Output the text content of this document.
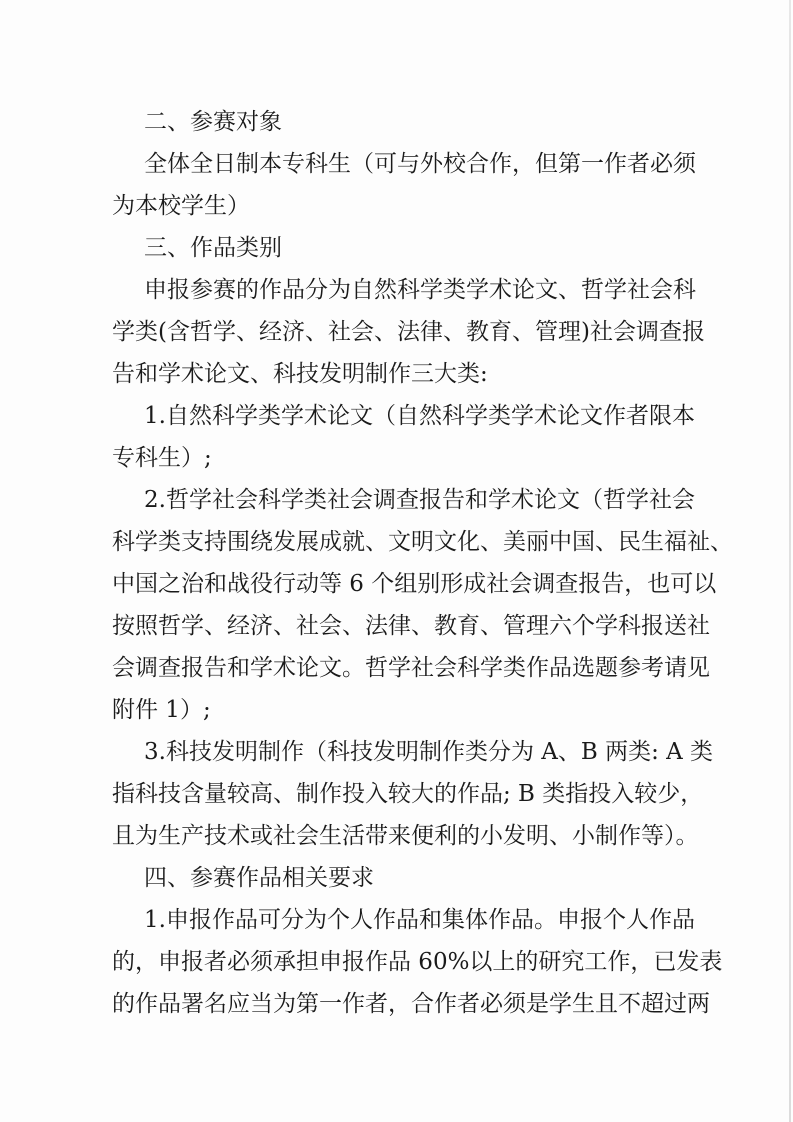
二、参赛对象
全体全日制本专科生（可与外校合作，但第一作者必须
为本校学生）
三、作品类别
申报参赛的作品分为自然科学类学术论文、哲学社会科
学类(含哲学、经济、社会、法律、教育、管理)社会调查报
告和学术论文、科技发明制作三大类:
1.自然科学类学术论文（自然科学类学术论文作者限本
专科生）;
2.哲学社会科学类社会调查报告和学术论文（哲学社会
科学类支持围绕发展成就、文明文化、美丽中国、民生福祉、
中国之治和战役行动等 6 个组别形成社会调查报告，也可以
按照哲学、经济、社会、法律、教育、管理六个学科报送社
会调查报告和学术论文。哲学社会科学类作品选题参考请见
附件 1）;
3.科技发明制作（科技发明制作类分为 A、B 两类: A 类
指科技含量较高、制作投入较大的作品; B 类指投入较少，
且为生产技术或社会生活带来便利的小发明、小制作等）。
四、参赛作品相关要求
1.申报作品可分为个人作品和集体作品。申报个人作品
的，申报者必须承担申报作品 60%以上的研究工作，已发表
的作品署名应当为第一作者，合作者必须是学生且不超过两
